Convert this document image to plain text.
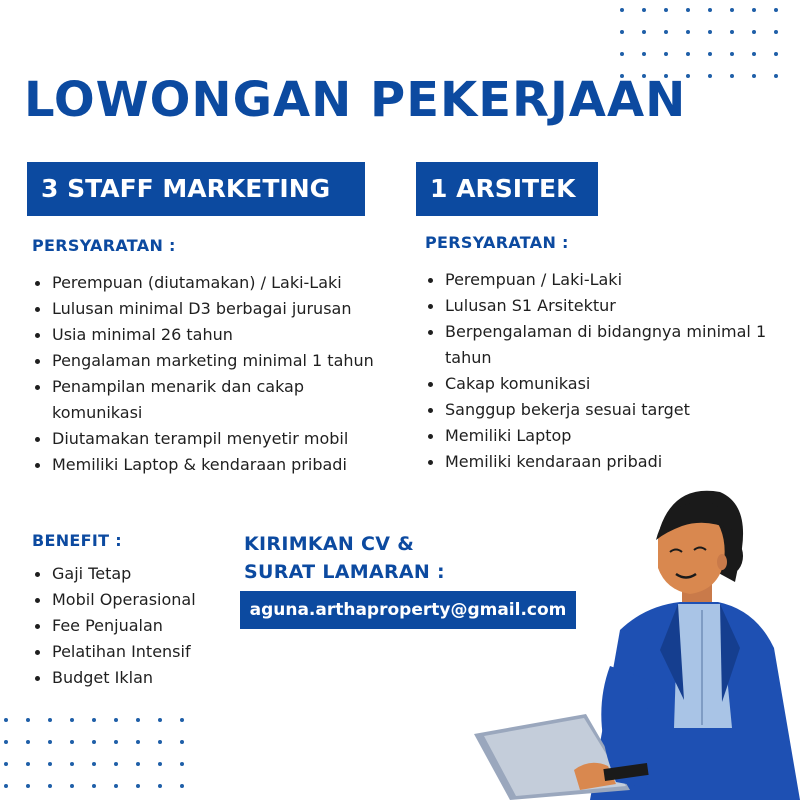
LOWONGAN PEKERJAAN
3 STAFF MARKETING	1 ARSITEK
PERSYARATAN :	PERSYARATAN :
Perempuan (diutamakan) / Laki-Laki
Lulusan minimal D3 berbagai jurusan
Usia minimal 26 tahun
Pengalaman marketing minimal 1 tahun
Penampilan menarik dan cakap komunikasi
Diutamakan terampil menyetir mobil
Memiliki Laptop & kendaraan pribadi
Perempuan / Laki-Laki
Lulusan S1 Arsitektur
Berpengalaman di bidangnya minimal 1 tahun
Cakap komunikasi
Sanggup bekerja sesuai target
Memiliki Laptop
Memiliki kendaraan pribadi
BENEFIT :
Gaji Tetap
Mobil Operasional
Fee Penjualan
Pelatihan Intensif
Budget Iklan
KIRIMKAN CV & SURAT LAMARAN :
aguna.arthaproperty@gmail.com
